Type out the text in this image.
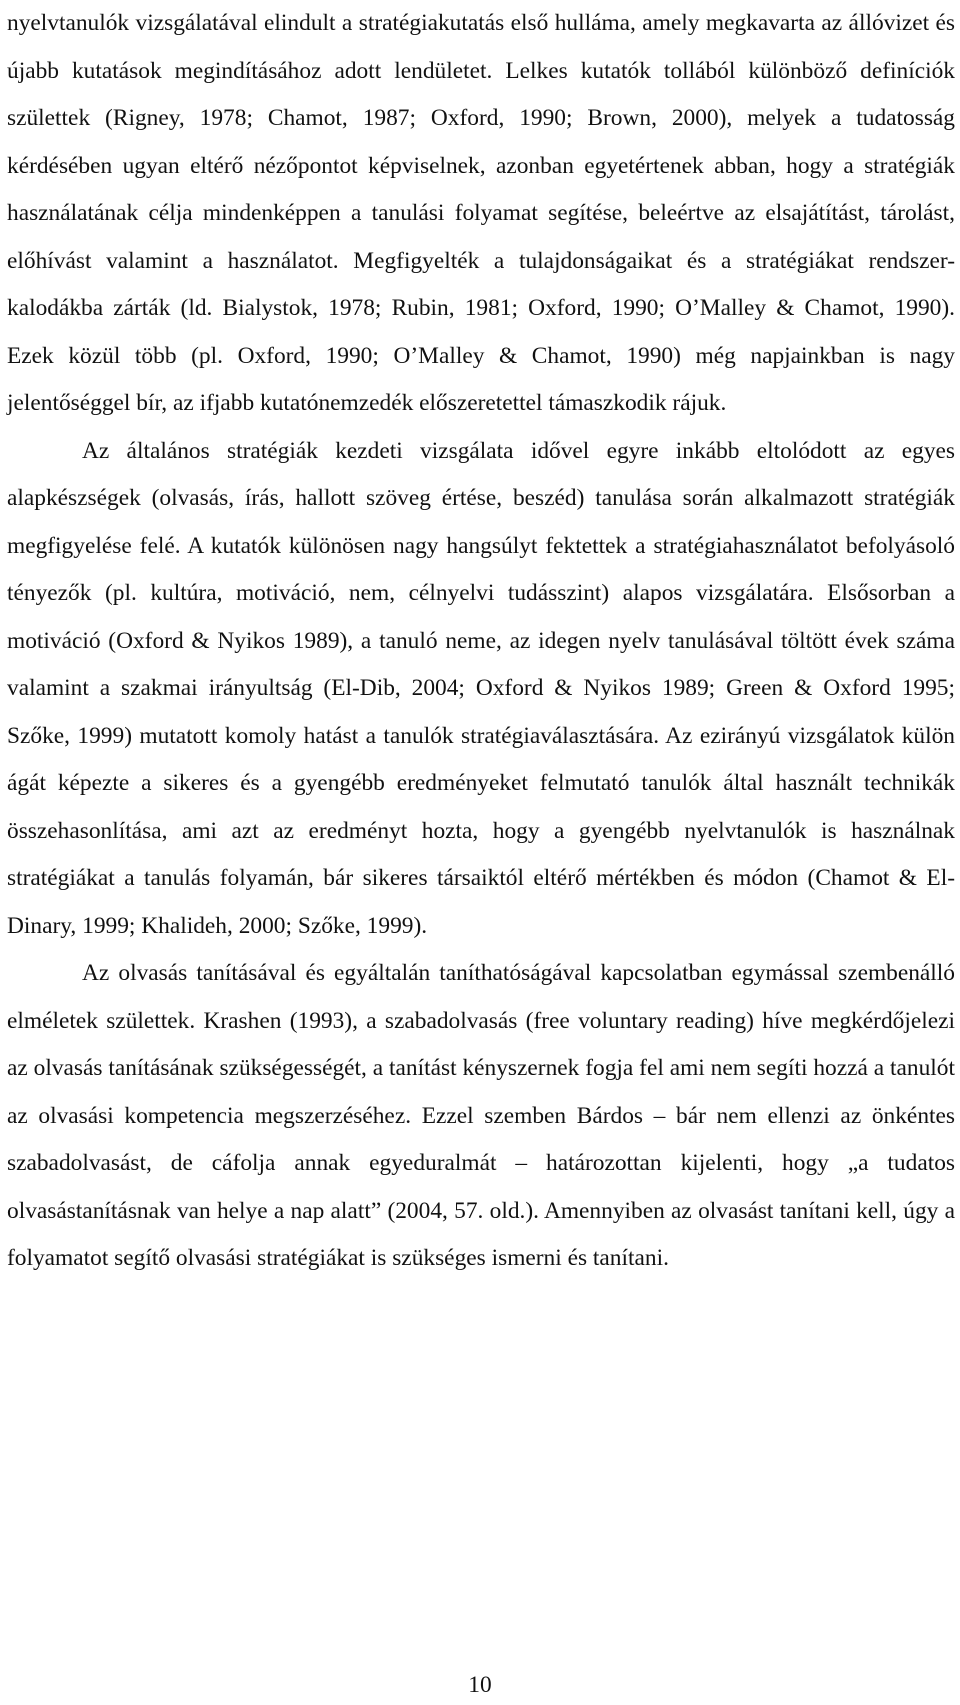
nyelvtanulók vizsgálatával elindult a stratégiakutatás első hulláma, amely megkavarta az állóvizet és újabb kutatások megindításához adott lendületet. Lelkes kutatók tollából különböző definíciók születtek (Rigney, 1978; Chamot, 1987; Oxford, 1990; Brown, 2000), melyek a tudatosság kérdésében ugyan eltérő nézőpontot képviselnek, azonban egyetértenek abban, hogy a stratégiák használatának célja mindenképpen a tanulási folyamat segítése, beleértve az elsajátítást, tárolást, előhívást valamint a használatot. Megfigyelték a tulajdonságaikat és a stratégiákat rendszer-kalodákba zárták (ld. Bialystok, 1978; Rubin, 1981; Oxford, 1990; O’Malley & Chamot, 1990). Ezek közül több (pl. Oxford, 1990; O’Malley & Chamot, 1990) még napjainkban is nagy jelentőséggel bír, az ifjabb kutatónemzedék előszeretettel támaszkodik rájuk.

Az általános stratégiák kezdeti vizsgálata idővel egyre inkább eltolódott az egyes alapkészségek (olvasás, írás, hallott szöveg értése, beszéd) tanulása során alkalmazott stratégiák megfigyelése felé. A kutatók különösen nagy hangsúlyt fektettek a stratégiahasználatot befolyásoló tényezők (pl. kultúra, motiváció, nem, célnyelvi tudásszint) alapos vizsgálatára. Elsősorban a motiváció (Oxford & Nyikos 1989), a tanuló neme, az idegen nyelv tanulásával töltött évek száma valamint a szakmai irányultság (El-Dib, 2004; Oxford & Nyikos 1989; Green & Oxford 1995; Szőke, 1999) mutatott komoly hatást a tanulók stratégiaválasztására. Az ezirányú vizsgálatok külön ágát képezte a sikeres és a gyengébb eredményeket felmutató tanulók által használt technikák összehasonlítása, ami azt az eredményt hozta, hogy a gyengébb nyelvtanulók is használnak stratégiákat a tanulás folyamán, bár sikeres társaiktól eltérő mértékben és módon (Chamot & El-Dinary, 1999; Khalideh, 2000; Szőke, 1999).

Az olvasás tanításával és egyáltalán taníthatóságával kapcsolatban egymással szembenálló elméletek születtek. Krashen (1993), a szabadolvasás (free voluntary reading) híve megkérdőjelezi az olvasás tanításának szükségességét, a tanítást kényszernek fogja fel ami nem segíti hozzá a tanulót az olvasási kompetencia megszerzéséhez. Ezzel szemben Bárdos – bár nem ellenzi az önkéntes szabadolvasást, de cáfolja annak egyeduralmát – határozottan kijelenti, hogy „a tudatos olvasástanításnak van helye a nap alatt” (2004, 57. old.). Amennyiben az olvasást tanítani kell, úgy a folyamatot segítő olvasási stratégiákat is szükséges ismerni és tanítani.

10
